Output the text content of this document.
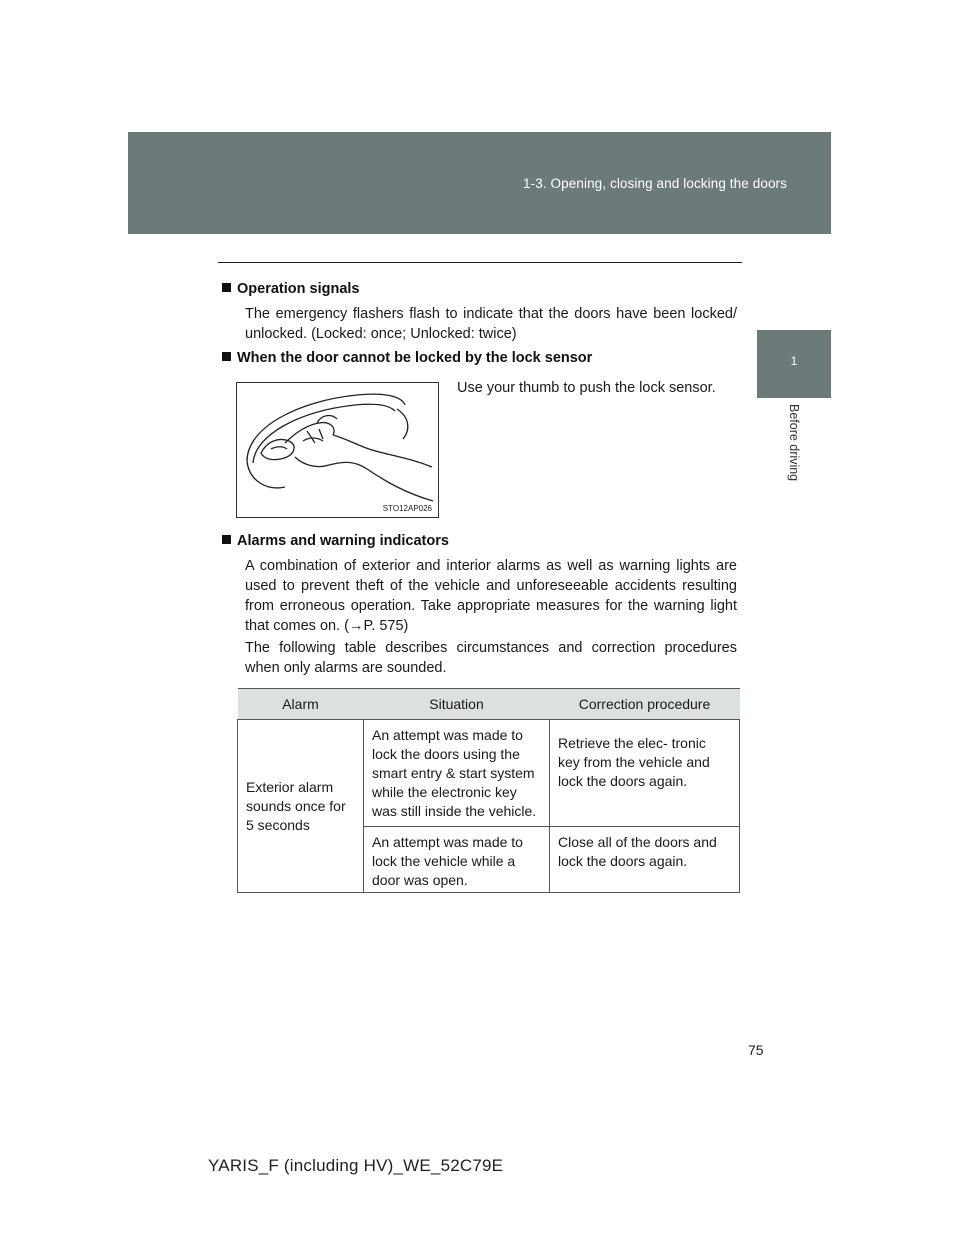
1-3. Opening, closing and locking the doors
1
Before driving
Operation signals
The emergency flashers flash to indicate that the doors have been locked/ unlocked. (Locked: once; Unlocked: twice)
When the door cannot be locked by the lock sensor
STO12AP026
Use your thumb to push the lock sensor.
Alarms and warning indicators
A combination of exterior and interior alarms as well as warning lights are used to prevent theft of the vehicle and unforeseeable accidents resulting from erroneous operation. Take appropriate measures for the warning light that comes on. (→P. 575)
The following table describes circumstances and correction procedures when only alarms are sounded.
Alarm	Situation	Correction procedure
Exterior alarm sounds once for 5 seconds	An attempt was made to lock the doors using the smart entry & start system while the electronic key was still inside the vehicle.	Retrieve the elec- tronic key from the vehicle and lock the doors again.
	An attempt was made to lock the vehicle while a door was open.	Close all of the doors and lock the doors again.
75
YARIS_F (including HV)_WE_52C79E
